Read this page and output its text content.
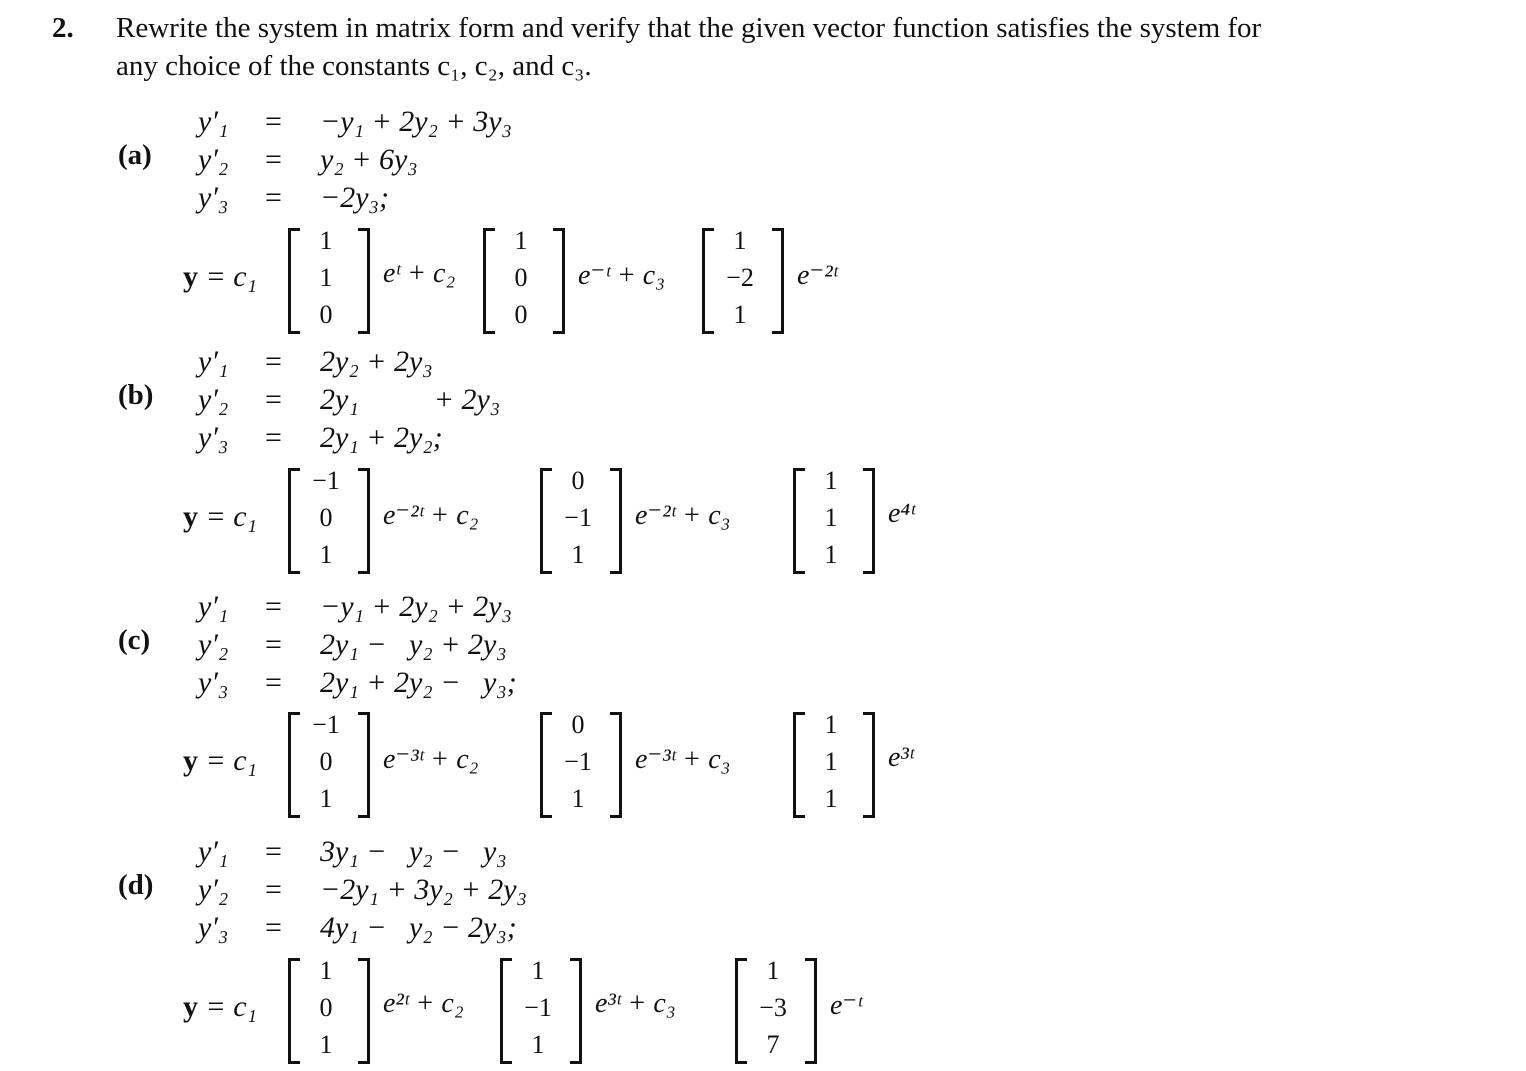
2. Rewrite the system in matrix form and verify that the given vector function satisfies the system for
any choice of the constants c₁, c₂, and c₃.
(a)
y′₁ = −y₁ + 2y₂ + 3y₃
y′₂ = y₂ + 6y₃
y′₃ = −2y₃;
y = c₁
1
1
0
eᵗ + c₂
1
0
0
e⁻ᵗ + c₃
1
−2
1
e⁻²ᵗ
(b)
y′₁ = 2y₂ + 2y₃
y′₂ = 2y₁          + 2y₃
y′₃ = 2y₁ + 2y₂;
y = c₁
−1
0
1
e⁻²ᵗ + c₂
0
−1
1
e⁻²ᵗ + c₃
1
1
1
e⁴ᵗ
(c)
y′₁ = −y₁ + 2y₂ + 2y₃
y′₂ = 2y₁ −   y₂ + 2y₃
y′₃ = 2y₁ + 2y₂ −   y₃;
y = c₁
−1
0
1
e⁻³ᵗ + c₂
0
−1
1
e⁻³ᵗ + c₃
1
1
1
e³ᵗ
(d)
y′₁ = 3y₁ −   y₂ −   y₃
y′₂ = −2y₁ + 3y₂ + 2y₃
y′₃ = 4y₁ −   y₂ − 2y₃;
y = c₁
1
0
1
e²ᵗ + c₂
1
−1
1
e³ᵗ + c₃
1
−3
7
e⁻ᵗ
